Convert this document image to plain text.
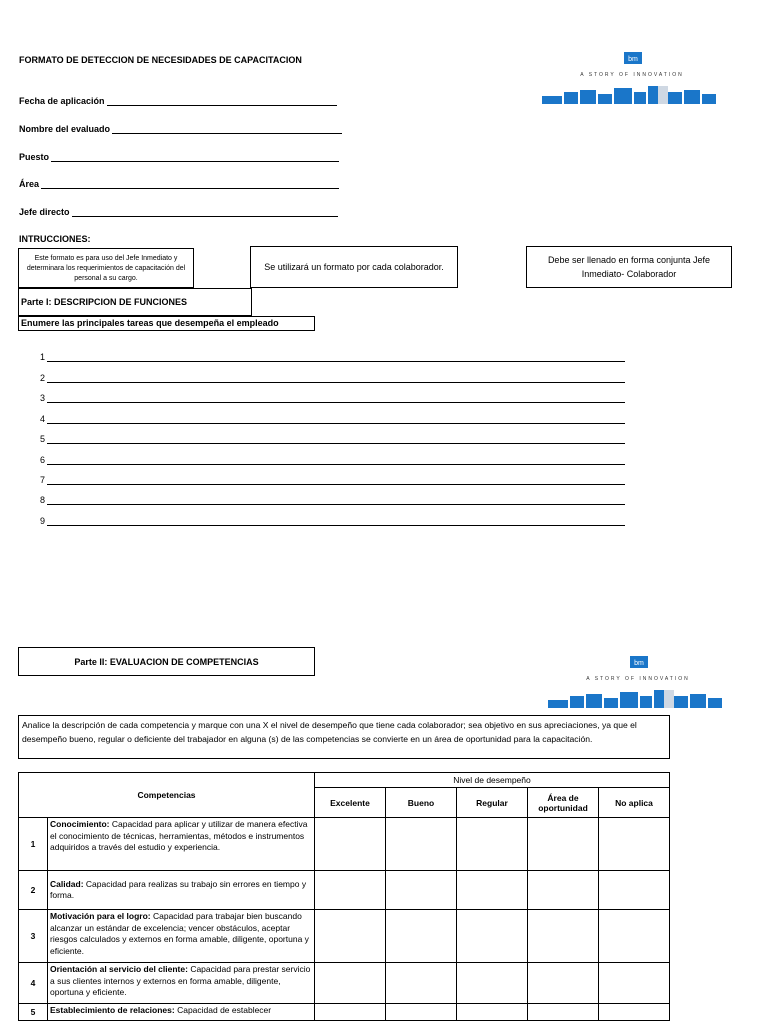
FORMATO DE DETECCION DE NECESIDADES DE CAPACITACION	bm
A STORY OF INNOVATION
Fecha de aplicación
Nombre del evaluado
Puesto
Área
Jefe directo
INTRUCCIONES:
Este formato es para uso del Jefe Inmediato y determinara los requerimientos de capacitación del personal a su cargo.
Se utilizará un formato por cada colaborador.
Debe ser llenado en forma conjunta Jefe Inmediato- Colaborador
Parte I: DESCRIPCION DE FUNCIONES
Enumere las principales tareas que desempeña el empleado
1
2
3
4
5
6
7
8
9
Parte II: EVALUACION DE COMPETENCIAS	bm
A STORY OF INNOVATION
Analice la descripción de cada competencia y marque con una X el nivel de desempeño que tiene cada colaborador; sea objetivo en sus apreciaciones, ya que el desempeño bueno, regular o deficiente del trabajador en alguna (s) de las competencias se convierte en un área de oportunidad para la capacitación.
Competencias		Nivel de desempeño				
		Excelente	Bueno	Regular	Área de oportunidad	No aplica
1	Conocimiento: Capacidad para aplicar y utilizar de manera efectiva el conocimiento de técnicas, herramientas, métodos e instrumentos adquiridos a través del estudio y experiencia.					
2	Calidad: Capacidad para realizas su trabajo sin errores en tiempo y forma.					
3	Motivación para el logro: Capacidad para trabajar bien buscando alcanzar un estándar de excelencia; vencer obstáculos, aceptar riesgos calculados y externos en forma amable, diligente, oportuna y eficiente.					
4	Orientación al servicio del cliente: Capacidad para prestar servicio a sus clientes internos y externos en forma amable, diligente, oportuna y eficiente.					
5	Establecimiento de relaciones: Capacidad de establecer					
